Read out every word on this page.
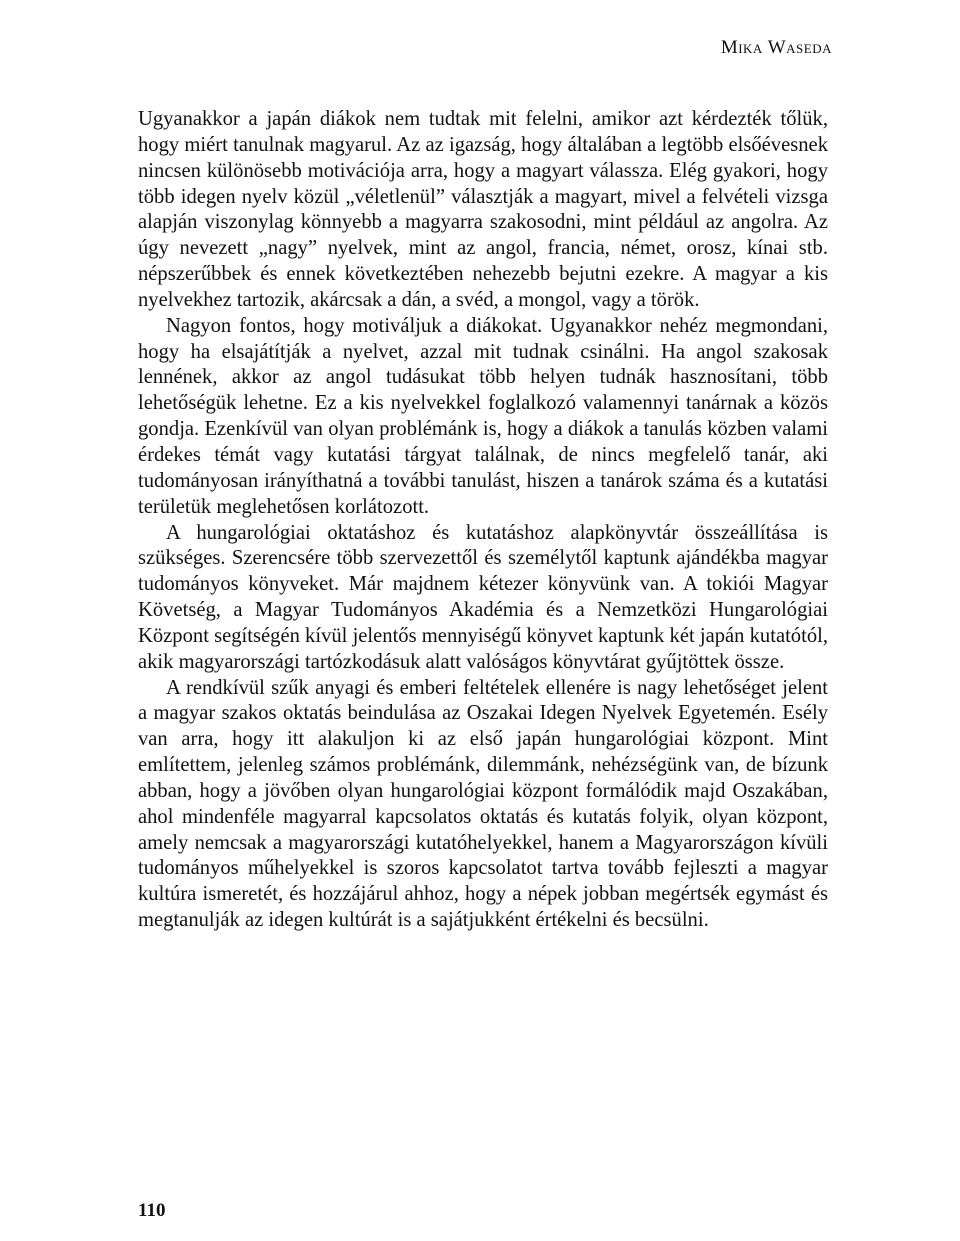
Mika Waseda

Ugyanakkor a japán diákok nem tudtak mit felelni, amikor azt kérdezték tőlük, hogy miért tanulnak magyarul. Az az igazság, hogy általában a legtöbb elsőévesnek nincsen különösebb motivációja arra, hogy a magyart válassza. Elég gyakori, hogy több idegen nyelv közül „véletlenül” választják a magyart, mivel a felvételi vizsga alapján viszonylag könnyebb a magyarra szakosodni, mint például az angolra. Az úgy nevezett „nagy” nyelvek, mint az angol, francia, német, orosz, kínai stb. népszerűbbek és ennek következtében nehezebb bejutni ezekre. A magyar a kis nyelvekhez tartozik, akárcsak a dán, a svéd, a mongol, vagy a török.

Nagyon fontos, hogy motiváljuk a diákokat. Ugyanakkor nehéz megmondani, hogy ha elsajátítják a nyelvet, azzal mit tudnak csinálni. Ha angol szakosak lennének, akkor az angol tudásukat több helyen tudnák hasznosítani, több lehetőségük lehetne. Ez a kis nyelvekkel foglalkozó valamennyi tanárnak a közös gondja. Ezenkívül van olyan problémánk is, hogy a diákok a tanulás közben valami érdekes témát vagy kutatási tárgyat találnak, de nincs megfelelő tanár, aki tudományosan irányíthatná a további tanulást, hiszen a tanárok száma és a kutatási területük meglehetősen korlátozott.

A hungarológiai oktatáshoz és kutatáshoz alapkönyvtár összeállítása is szükséges. Szerencsére több szervezettől és személytől kaptunk ajándékba magyar tudományos könyveket. Már majdnem kétezer könyvünk van. A tokiói Magyar Követség, a Magyar Tudományos Akadémia és a Nemzetközi Hungarológiai Központ segítségén kívül jelentős mennyiségű könyvet kaptunk két japán kutatótól, akik magyarországi tartózkodásuk alatt valóságos könyvtárat gyűjtöttek össze.

A rendkívül szűk anyagi és emberi feltételek ellenére is nagy lehetőséget jelent a magyar szakos oktatás beindulása az Oszakai Idegen Nyelvek Egyetemén. Esély van arra, hogy itt alakuljon ki az első japán hungarológiai központ. Mint említettem, jelenleg számos problémánk, dilemmánk, nehézségünk van, de bízunk abban, hogy a jövőben olyan hungarológiai központ formálódik majd Oszakában, ahol mindenféle magyarral kapcsolatos oktatás és kutatás folyik, olyan központ, amely nemcsak a magyarországi kutatóhelyekkel, hanem a Magyarországon kívüli tudományos műhelyekkel is szoros kapcsolatot tartva tovább fejleszti a magyar kultúra ismeretét, és hozzájárul ahhoz, hogy a népek jobban megértsék egymást és megtanulják az idegen kultúrát is a sajátjukként értékelni és becsülni.

110
